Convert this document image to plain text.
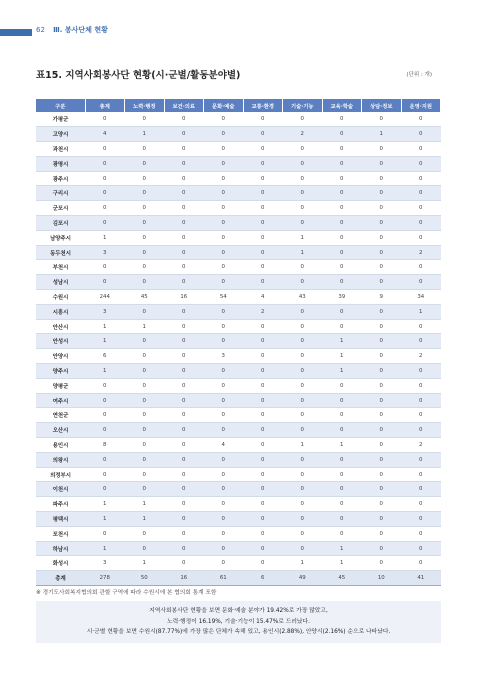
62 Ⅲ. 봉사단체 현황
표15. 지역사회봉사단 현황(시·군별/활동분야별)	(단위 : 개)
구분	총계	노력·행정	보건·의료	문화·예술	교통·환경	기술·기능	교육·학술	상담·정보	운영·지원
가평군	0	0	0	0	0	0	0	0	0
고양시	4	1	0	0	0	2	0	1	0
과천시	0	0	0	0	0	0	0	0	0
광명시	0	0	0	0	0	0	0	0	0
광주시	0	0	0	0	0	0	0	0	0
구리시	0	0	0	0	0	0	0	0	0
군포시	0	0	0	0	0	0	0	0	0
김포시	0	0	0	0	0	0	0	0	0
남양주시	1	0	0	0	0	1	0	0	0
동두천시	3	0	0	0	0	1	0	0	2
부천시	0	0	0	0	0	0	0	0	0
성남시	0	0	0	0	0	0	0	0	0
수원시	244	45	16	54	4	43	39	9	34
시흥시	3	0	0	0	2	0	0	0	1
안산시	1	1	0	0	0	0	0	0	0
안성시	1	0	0	0	0	0	1	0	0
안양시	6	0	0	3	0	0	1	0	2
양주시	1	0	0	0	0	0	1	0	0
양평군	0	0	0	0	0	0	0	0	0
여주시	0	0	0	0	0	0	0	0	0
연천군	0	0	0	0	0	0	0	0	0
오산시	0	0	0	0	0	0	0	0	0
용인시	8	0	0	4	0	1	1	0	2
의왕시	0	0	0	0	0	0	0	0	0
의정부시	0	0	0	0	0	0	0	0	0
이천시	0	0	0	0	0	0	0	0	0
파주시	1	1	0	0	0	0	0	0	0
평택시	1	1	0	0	0	0	0	0	0
포천시	0	0	0	0	0	0	0	0	0
하남시	1	0	0	0	0	0	1	0	0
화성시	3	1	0	0	0	1	1	0	0
총계	278	50	16	61	6	49	45	10	41
※ 경기도사회복지협의회 관할 구역에 따라 수원시에 본 협의회 통계 포함

지역사회봉사단 현황을 보면 문화·예술 분야가 19.42%로 가장 많았고,

노력·행정이 16.19%, 기술·기능이 15.47%로 드러났다.

시·군별 현황을 보면 수원시(87.77%)에 가장 많은 단체가 속해 있고, 용인시(2.88%), 안양시(2.16%) 순으로 나타났다.
